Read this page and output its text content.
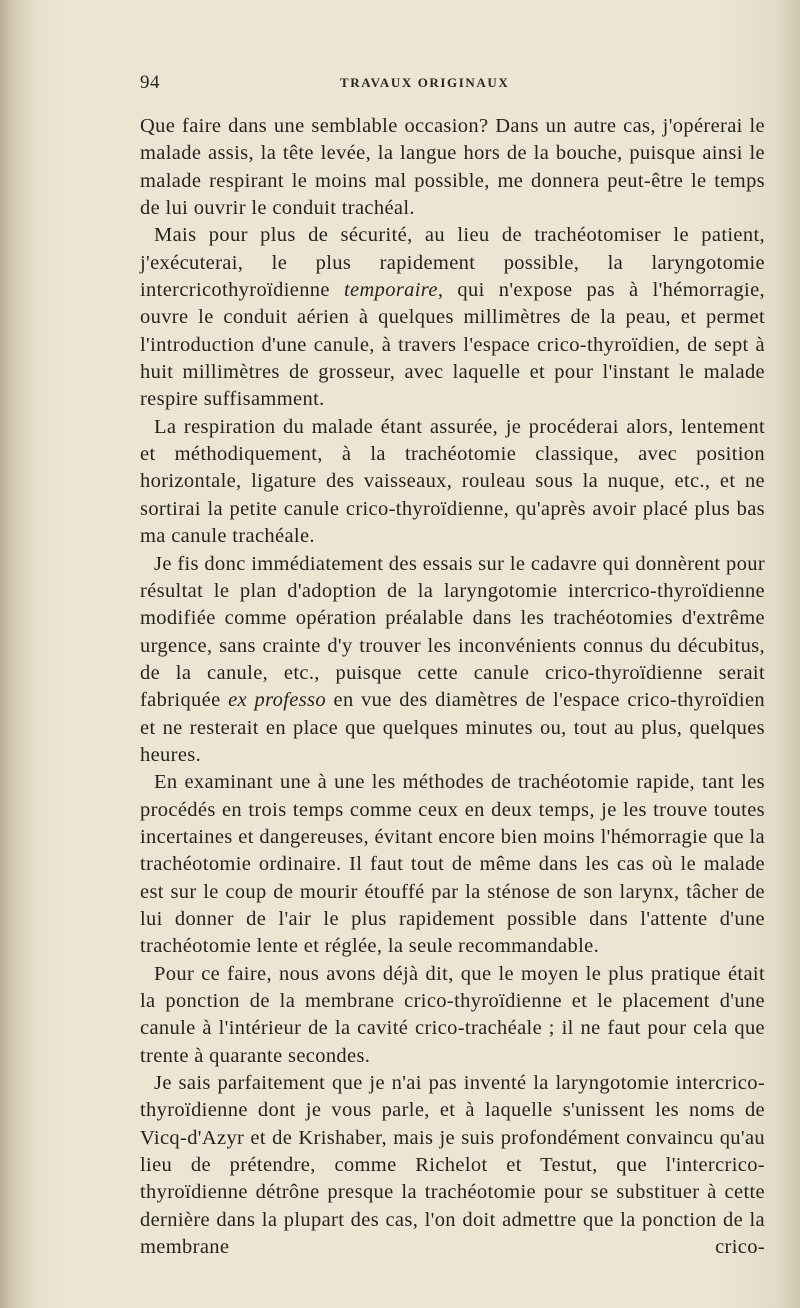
94	TRAVAUX ORIGINAUX

Que faire dans une semblable occasion? Dans un autre cas, j'opérerai le malade assis, la tête levée, la langue hors de la bouche, puisque ainsi le malade respirant le moins mal possible, me donnera peut-être le temps de lui ouvrir le conduit trachéal.

Mais pour plus de sécurité, au lieu de trachéotomiser le patient, j'exécuterai, le plus rapidement possible, la laryngotomie intercricothyroïdienne temporaire, qui n'expose pas à l'hémorragie, ouvre le conduit aérien à quelques millimètres de la peau, et permet l'introduction d'une canule, à travers l'espace crico-thyroïdien, de sept à huit millimètres de grosseur, avec laquelle et pour l'instant le malade respire suffisamment.

La respiration du malade étant assurée, je procéderai alors, lentement et méthodiquement, à la trachéotomie classique, avec position horizontale, ligature des vaisseaux, rouleau sous la nuque, etc., et ne sortirai la petite canule crico-thyroïdienne, qu'après avoir placé plus bas ma canule trachéale.

Je fis donc immédiatement des essais sur le cadavre qui donnèrent pour résultat le plan d'adoption de la laryngotomie intercrico-thyroïdienne modifiée comme opération préalable dans les trachéotomies d'extrême urgence, sans crainte d'y trouver les inconvénients connus du décubitus, de la canule, etc., puisque cette canule crico-thyroïdienne serait fabriquée ex professo en vue des diamètres de l'espace crico-thyroïdien et ne resterait en place que quelques minutes ou, tout au plus, quelques heures.

En examinant une à une les méthodes de trachéotomie rapide, tant les procédés en trois temps comme ceux en deux temps, je les trouve toutes incertaines et dangereuses, évitant encore bien moins l'hémorragie que la trachéotomie ordinaire. Il faut tout de même dans les cas où le malade est sur le coup de mourir étouffé par la sténose de son larynx, tâcher de lui donner de l'air le plus rapidement possible dans l'attente d'une trachéotomie lente et réglée, la seule recommandable.

Pour ce faire, nous avons déjà dit, que le moyen le plus pratique était la ponction de la membrane crico-thyroïdienne et le placement d'une canule à l'intérieur de la cavité crico-trachéale ; il ne faut pour cela que trente à quarante secondes.

Je sais parfaitement que je n'ai pas inventé la laryngotomie intercrico-thyroïdienne dont je vous parle, et à laquelle s'unissent les noms de Vicq-d'Azyr et de Krishaber, mais je suis profondément convaincu qu'au lieu de prétendre, comme Richelot et Testut, que l'intercrico-thyroïdienne détrône presque la trachéotomie pour se substituer à cette dernière dans la plupart des cas, l'on doit admettre que la ponction de la membrane crico-
